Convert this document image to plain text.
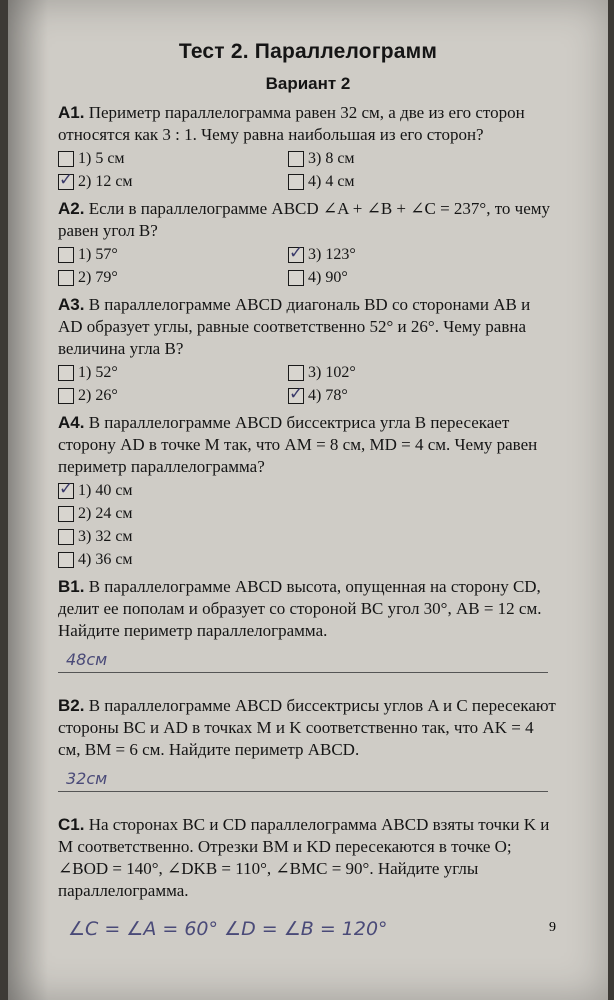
Тест 2. Параллелограмм
Вариант 2
А1. Периметр параллелограмма равен 32 см, а две из его сторон относятся как 3 : 1. Чему равна наибольшая из его сторон?
1) 5 см	3) 8 см
✓ 2) 12 см	4) 4 см
А2. Если в параллелограмме ABCD ∠A + ∠B + ∠C = 237°, то чему равен угол B?
1) 57°	✓ 3) 123°
2) 79°	4) 90°
А3. В параллелограмме ABCD диагональ BD со сторонами AB и AD образует углы, равные соответственно 52° и 26°. Чему равна величина угла B?
1) 52°	3) 102°
2) 26°	✓ 4) 78°
А4. В параллелограмме ABCD биссектриса угла B пересекает сторону AD в точке M так, что AM = 8 см, MD = 4 см. Чему равен периметр параллелограмма?
✓ 1) 40 см
2) 24 см
3) 32 см
4) 36 см
В1. В параллелограмме ABCD высота, опущенная на сторону CD, делит ее пополам и образует со стороной BC угол 30°, AB = 12 см. Найдите периметр параллелограмма.
48см
В2. В параллелограмме ABCD биссектрисы углов A и C пересекают стороны BC и AD в точках M и K соответственно так, что AK = 4 см, BM = 6 см. Найдите периметр ABCD.
32см
С1. На сторонах BC и CD параллелограмма ABCD взяты точки K и M соответственно. Отрезки BM и KD пересекаются в точке O; ∠BOD = 140°, ∠DKB = 110°, ∠BMC = 90°. Найдите углы параллелограмма.
∠C = ∠A = 60° ∠D = ∠B = 120°	9
